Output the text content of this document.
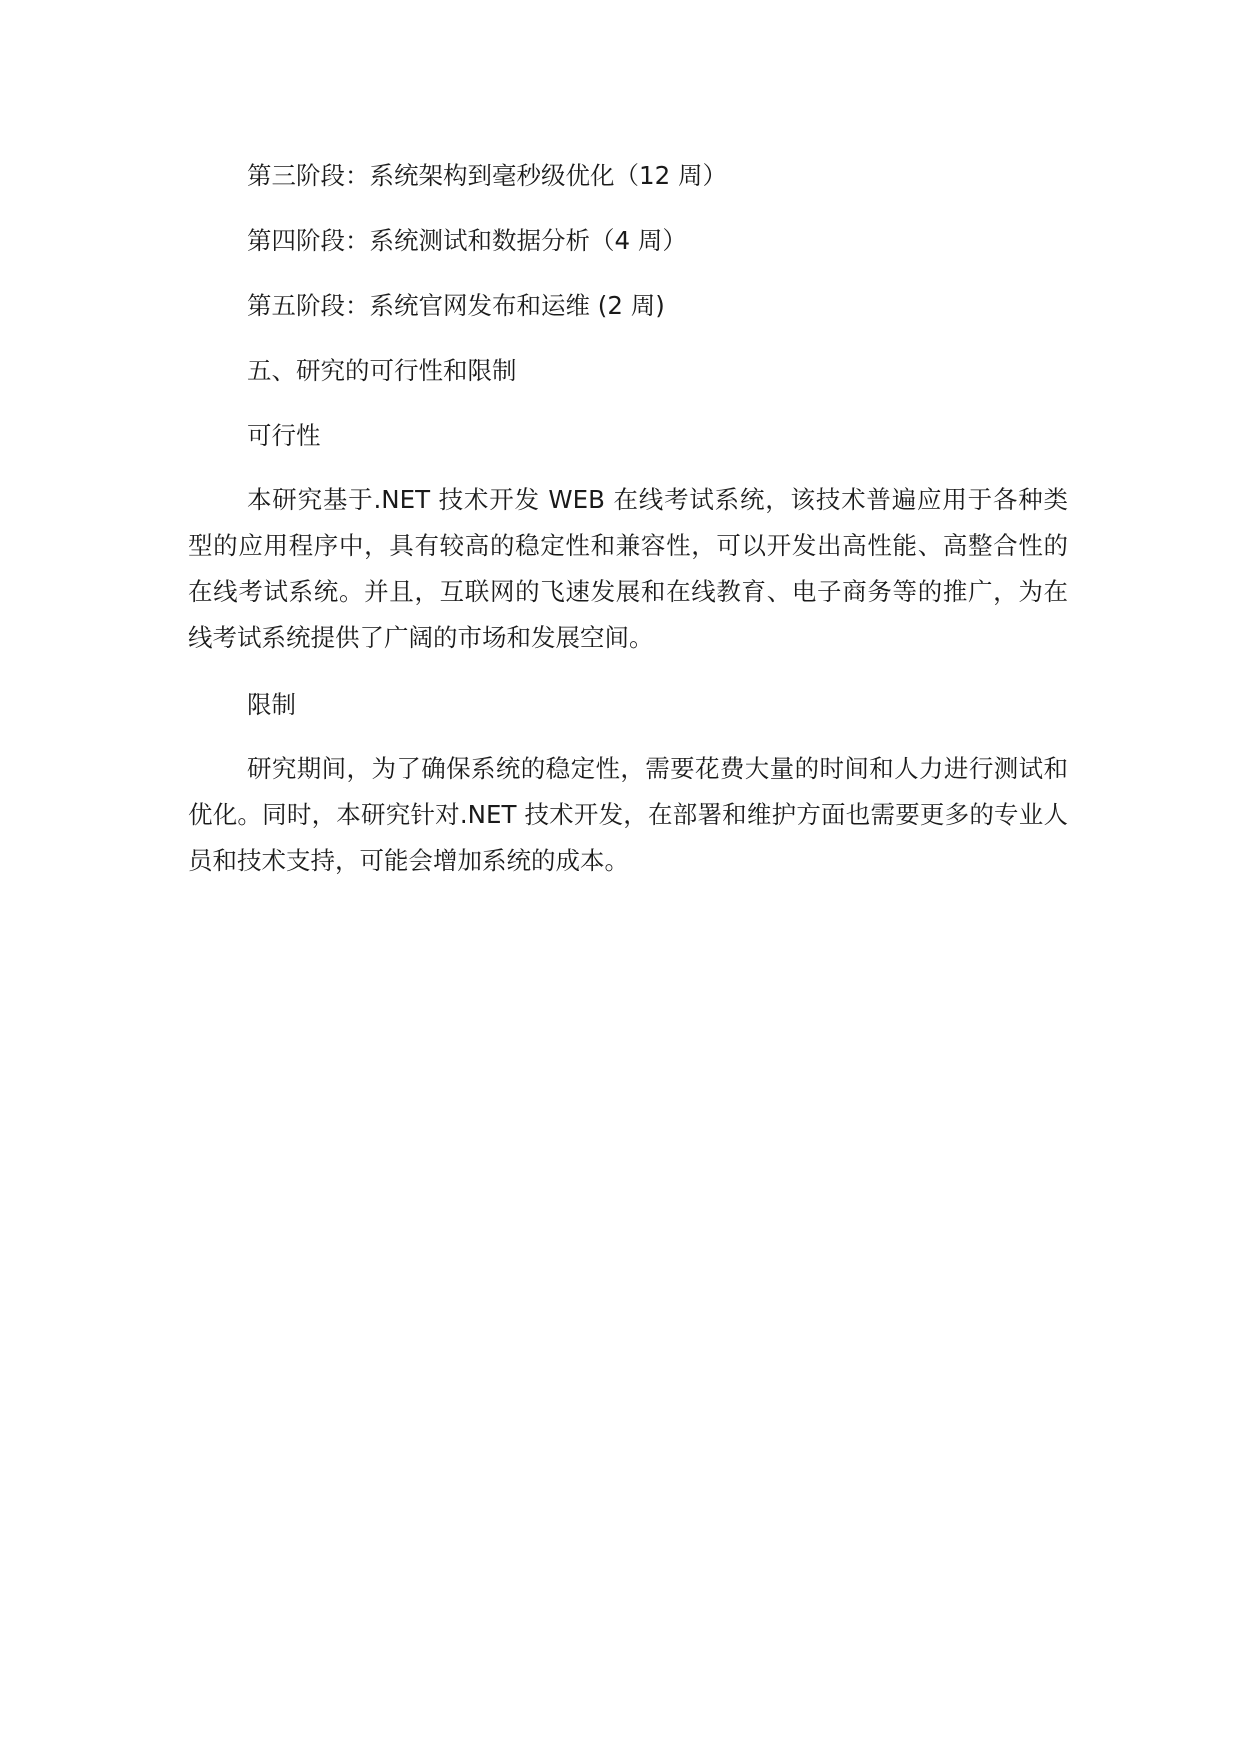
第三阶段：系统架构到毫秒级优化（12 周）
第四阶段：系统测试和数据分析（4 周）
第五阶段：系统官网发布和运维 (2 周)
五、研究的可行性和限制
可行性

本研究基于.NET 技术开发 WEB 在线考试系统，该技术普遍应用于各种类型的应用程序中，具有较高的稳定性和兼容性，可以开发出高性能、高整合性的在线考试系统。并且，互联网的飞速发展和在线教育、电子商务等的推广，为在线考试系统提供了广阔的市场和发展空间。

限制

研究期间，为了确保系统的稳定性，需要花费大量的时间和人力进行测试和优化。同时，本研究针对.NET 技术开发，在部署和维护方面也需要更多的专业人员和技术支持，可能会增加系统的成本。
